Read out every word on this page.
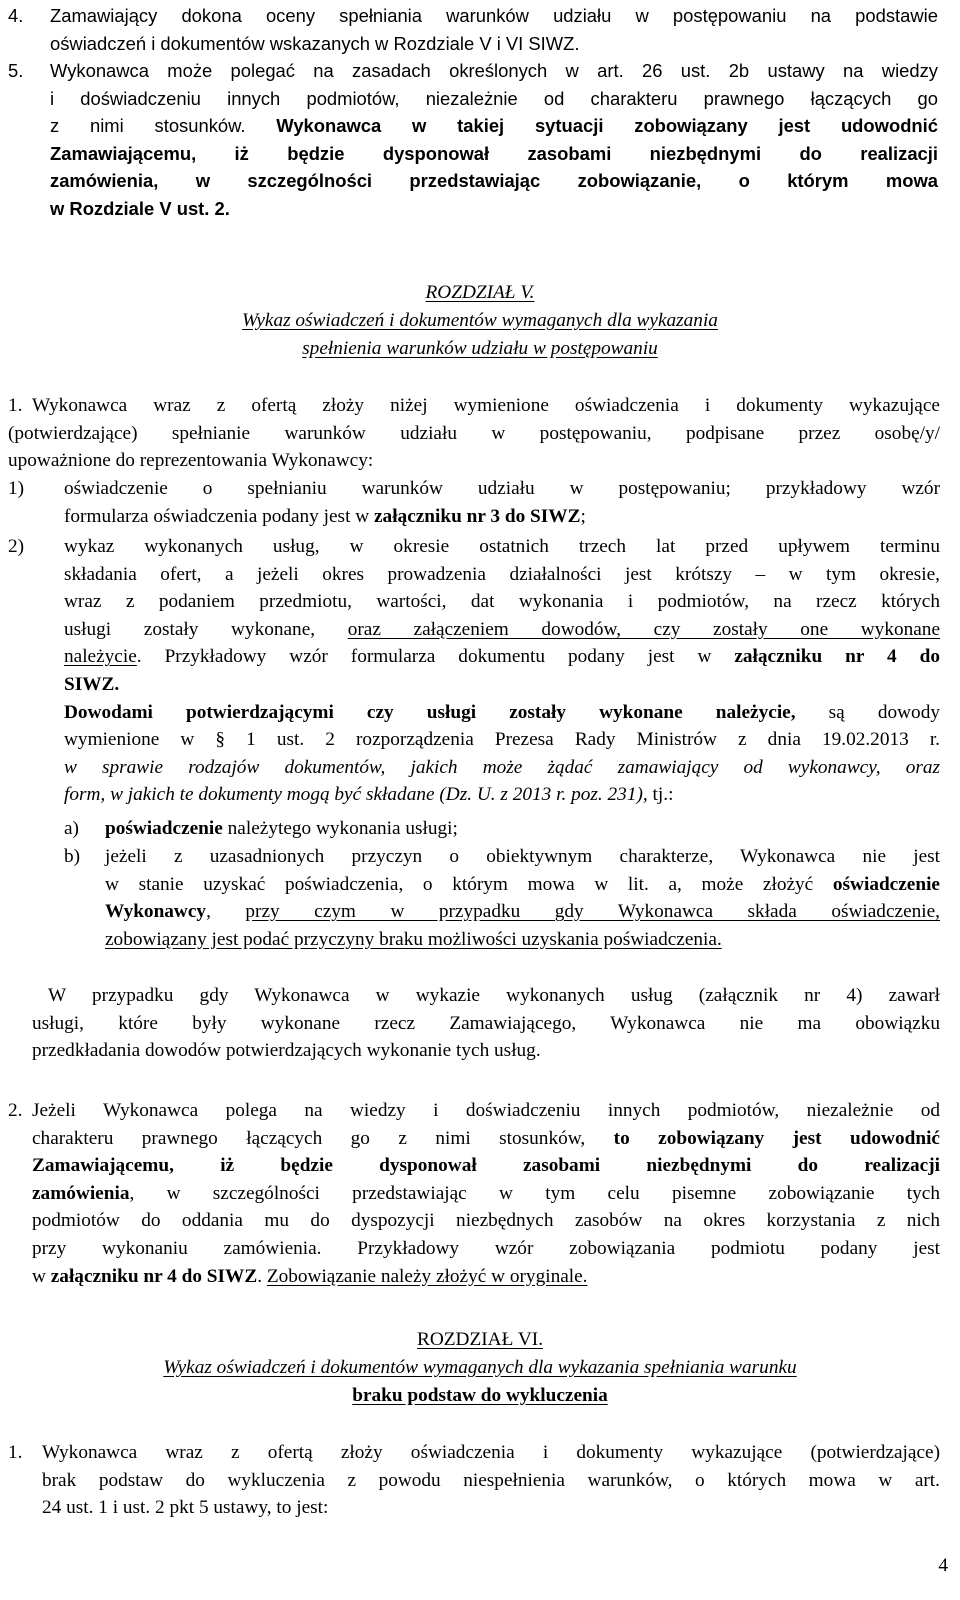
4.	Zamawiający dokona oceny spełniania warunków udziału w postępowaniu na podstawie
oświadczeń i dokumentów wskazanych w Rozdziale V i VI SIWZ.
5.	Wykonawca może polegać na zasadach określonych w art. 26 ust. 2b ustawy na wiedzy
i doświadczeniu innych podmiotów, niezależnie od charakteru prawnego łączących go
z nimi stosunków. Wykonawca w takiej sytuacji zobowiązany jest udowodnić
Zamawiającemu, iż będzie dysponował zasobami niezbędnymi do realizacji
zamówienia, w szczególności przedstawiając zobowiązanie, o którym mowa
w Rozdziale V ust. 2.
ROZDZIAŁ V.
Wykaz oświadczeń i dokumentów wymaganych dla wykazania
spełnienia warunków udziału w postępowaniu
1. Wykonawca wraz z ofertą złoży niżej wymienione oświadczenia i dokumenty wykazujące
(potwierdzające) spełnianie warunków udziału w postępowaniu, podpisane przez osobę/y/
upoważnione do reprezentowania Wykonawcy:
1)	oświadczenie o spełnianiu warunków udziału w postępowaniu; przykładowy wzór
formularza oświadczenia podany jest w załączniku nr 3 do SIWZ;
2)	wykaz wykonanych usług, w okresie ostatnich trzech lat przed upływem terminu
składania ofert, a jeżeli okres prowadzenia działalności jest krótszy – w tym okresie,
wraz z podaniem przedmiotu, wartości, dat wykonania i podmiotów, na rzecz których
usługi zostały wykonane, oraz załączeniem dowodów, czy zostały one wykonane
należycie. Przykładowy wzór formularza dokumentu podany jest w załączniku nr 4 do
SIWZ.
Dowodami potwierdzającymi czy usługi zostały wykonane należycie, są dowody
wymienione w § 1 ust. 2 rozporządzenia Prezesa Rady Ministrów z dnia 19.02.2013 r.
w sprawie rodzajów dokumentów, jakich może żądać zamawiający od wykonawcy, oraz
form, w jakich te dokumenty mogą być składane (Dz. U. z 2013 r. poz. 231), tj.:
a)	poświadczenie należytego wykonania usługi;
b)	jeżeli z uzasadnionych przyczyn o obiektywnym charakterze, Wykonawca nie jest
w stanie uzyskać poświadczenia, o którym mowa w lit. a, może złożyć oświadczenie
Wykonawcy, przy czym w przypadku gdy Wykonawca składa oświadczenie,
zobowiązany jest podać przyczyny braku możliwości uzyskania poświadczenia.
W przypadku gdy Wykonawca w wykazie wykonanych usług (załącznik nr 4) zawarł
usługi, które były wykonane rzecz Zamawiającego, Wykonawca nie ma obowiązku
przedkładania dowodów potwierdzających wykonanie tych usług.
2. Jeżeli Wykonawca polega na wiedzy i doświadczeniu innych podmiotów, niezależnie od
charakteru prawnego łączących go z nimi stosunków, to zobowiązany jest udowodnić
Zamawiającemu, iż będzie dysponował zasobami niezbędnymi do realizacji
zamówienia, w szczególności przedstawiając w tym celu pisemne zobowiązanie tych
podmiotów do oddania mu do dyspozycji niezbędnych zasobów na okres korzystania z nich
przy wykonaniu zamówienia. Przykładowy wzór zobowiązania podmiotu podany jest
w załączniku nr 4 do SIWZ. Zobowiązanie należy złożyć w oryginale.
ROZDZIAŁ VI.
Wykaz oświadczeń i dokumentów wymaganych dla wykazania spełniania warunku
braku podstaw do wykluczenia
1.	Wykonawca wraz z ofertą złoży oświadczenia i dokumenty wykazujące (potwierdzające)
brak podstaw do wykluczenia z powodu niespełnienia warunków, o których mowa w art.
24 ust. 1 i ust. 2 pkt 5 ustawy, to jest:
4
